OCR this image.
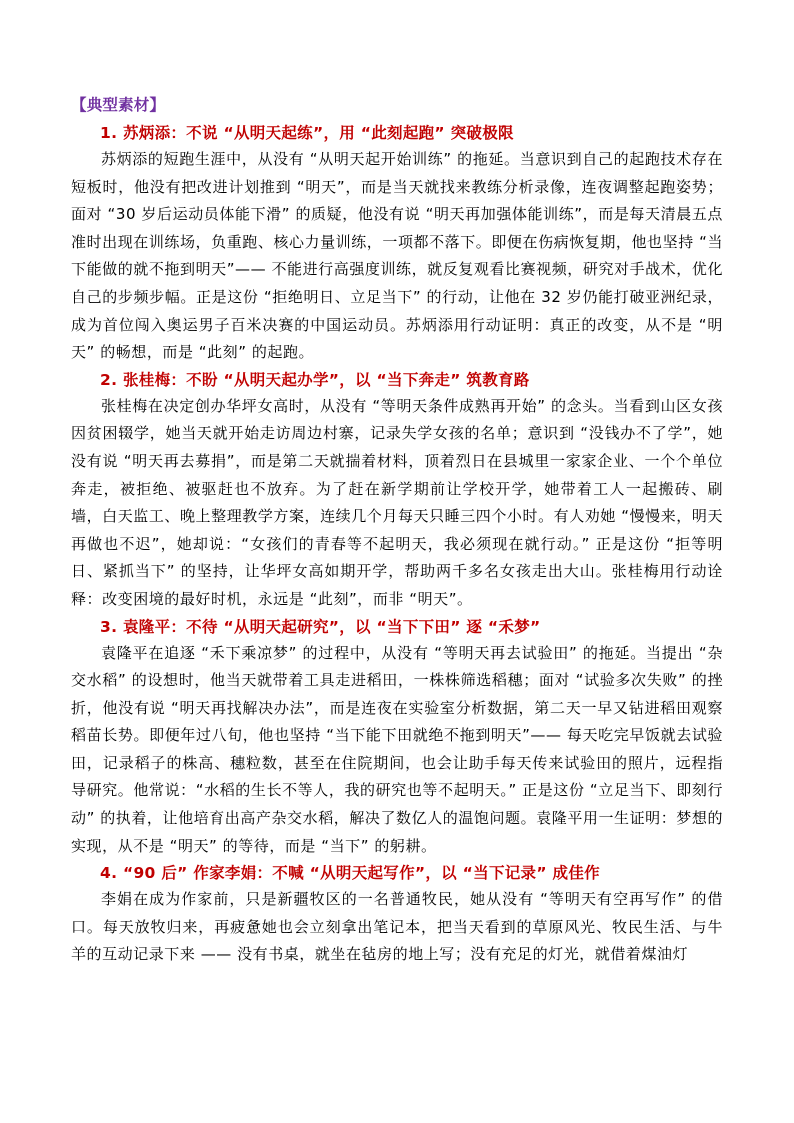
【典型素材】
1. 苏炳添：不说 “从明天起练”，用 “此刻起跑” 突破极限
苏炳添的短跑生涯中，从没有 “从明天起开始训练” 的拖延。当意识到自己的起跑技术存在短板时，他没有把改进计划推到 “明天”，而是当天就找来教练分析录像，连夜调整起跑姿势；面对 “30 岁后运动员体能下滑” 的质疑，他没有说 “明天再加强体能训练”，而是每天清晨五点准时出现在训练场，负重跑、核心力量训练，一项都不落下。即便在伤病恢复期，他也坚持 “当下能做的就不拖到明天”—— 不能进行高强度训练，就反复观看比赛视频，研究对手战术，优化自己的步频步幅。正是这份 “拒绝明日、立足当下” 的行动，让他在 32 岁仍能打破亚洲纪录，成为首位闯入奥运男子百米决赛的中国运动员。苏炳添用行动证明：真正的改变，从不是 “明天” 的畅想，而是 “此刻” 的起跑。
2. 张桂梅：不盼 “从明天起办学”，以 “当下奔走” 筑教育路
张桂梅在决定创办华坪女高时，从没有 “等明天条件成熟再开始” 的念头。当看到山区女孩因贫困辍学，她当天就开始走访周边村寨，记录失学女孩的名单；意识到 “没钱办不了学”，她没有说 “明天再去募捐”，而是第二天就揣着材料，顶着烈日在县城里一家家企业、一个个单位奔走，被拒绝、被驱赶也不放弃。为了赶在新学期前让学校开学，她带着工人一起搬砖、刷墙，白天监工、晚上整理教学方案，连续几个月每天只睡三四个小时。有人劝她 “慢慢来，明天再做也不迟”，她却说：“女孩们的青春等不起明天，我必须现在就行动。” 正是这份 “拒等明日、紧抓当下” 的坚持，让华坪女高如期开学，帮助两千多名女孩走出大山。张桂梅用行动诠释：改变困境的最好时机，永远是 “此刻”，而非 “明天”。
3. 袁隆平：不待 “从明天起研究”，以 “当下下田” 逐 “禾梦”
袁隆平在追逐 “禾下乘凉梦” 的过程中，从没有 “等明天再去试验田” 的拖延。当提出 “杂交水稻” 的设想时，他当天就带着工具走进稻田，一株株筛选稻穗；面对 “试验多次失败” 的挫折，他没有说 “明天再找解决办法”，而是连夜在实验室分析数据，第二天一早又钻进稻田观察稻苗长势。即便年过八旬，他也坚持 “当下能下田就绝不拖到明天”—— 每天吃完早饭就去试验田，记录稻子的株高、穗粒数，甚至在住院期间，也会让助手每天传来试验田的照片，远程指导研究。他常说：“水稻的生长不等人，我的研究也等不起明天。” 正是这份 “立足当下、即刻行动” 的执着，让他培育出高产杂交水稻，解决了数亿人的温饱问题。袁隆平用一生证明：梦想的实现，从不是 “明天” 的等待，而是 “当下” 的躬耕。
4. “90 后” 作家李娟：不喊 “从明天起写作”，以 “当下记录” 成佳作
李娟在成为作家前，只是新疆牧区的一名普通牧民，她从没有 “等明天有空再写作” 的借口。每天放牧归来，再疲惫她也会立刻拿出笔记本，把当天看到的草原风光、牧民生活、与牛羊的互动记录下来 —— 没有书桌，就坐在毡房的地上写；没有充足的灯光，就借着煤油灯
